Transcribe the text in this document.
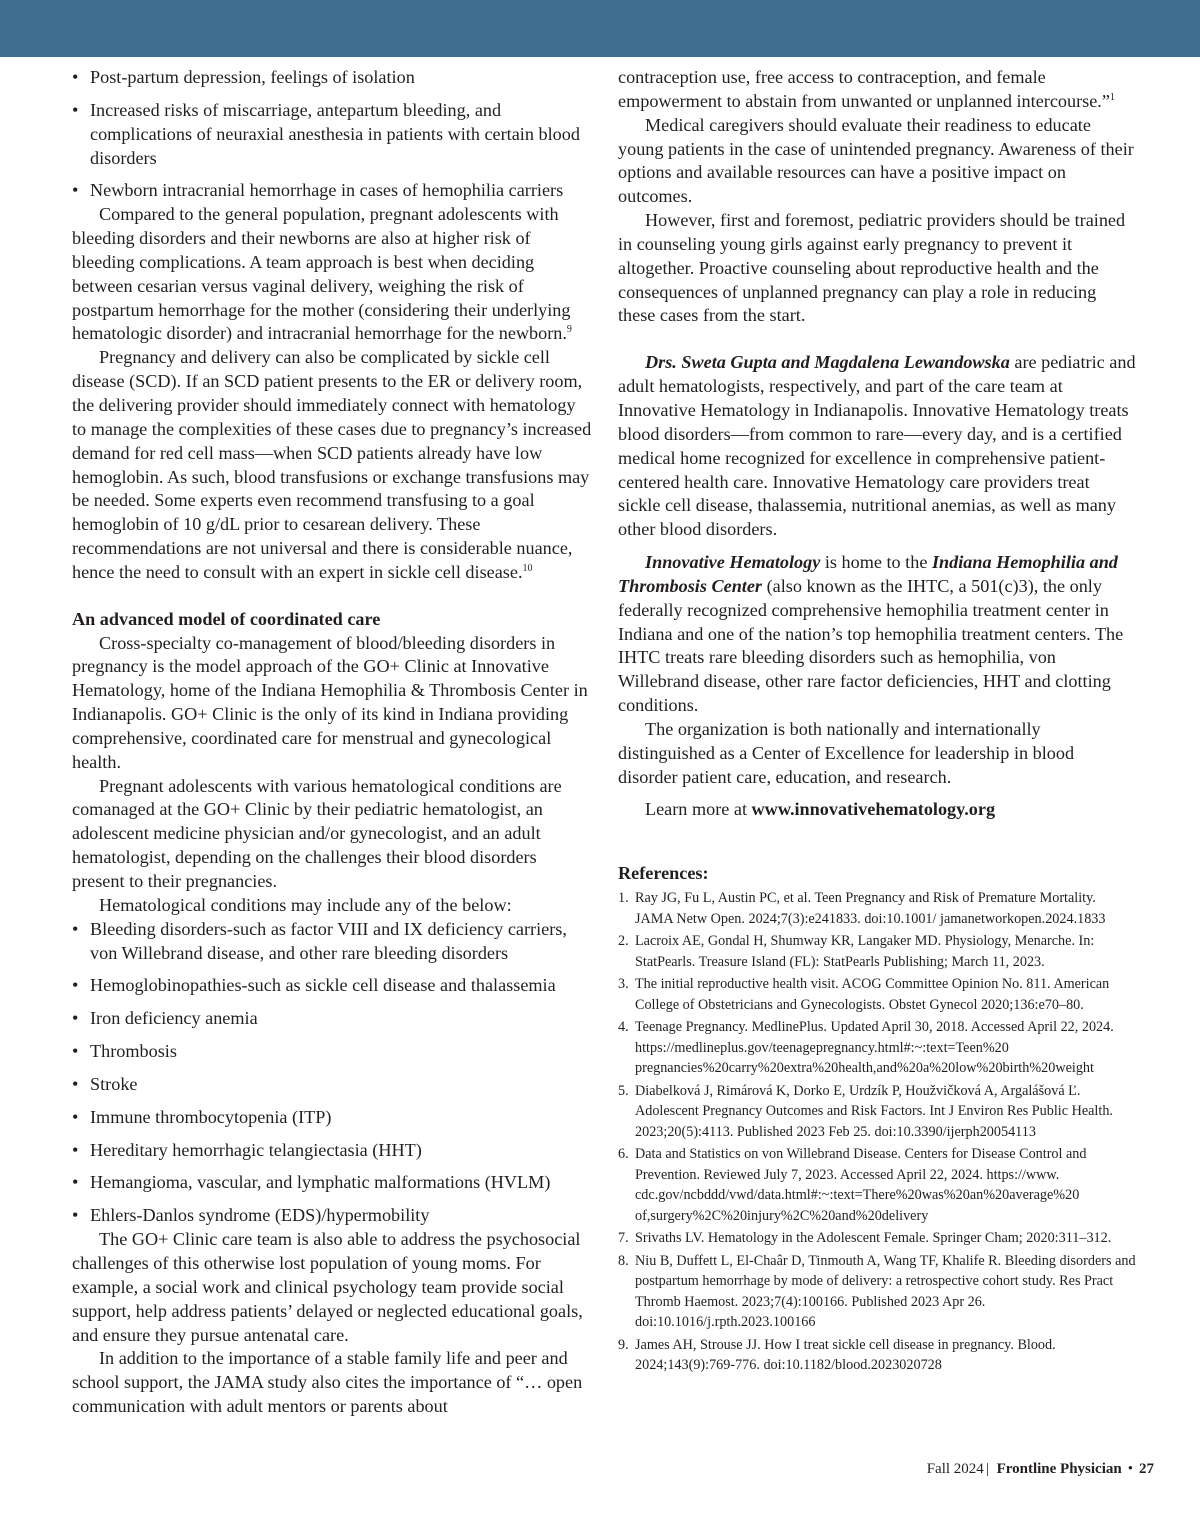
• Post-partum depression, feelings of isolation
• Increased risks of miscarriage, antepartum bleeding, and complications of neuraxial anesthesia in patients with certain blood disorders
• Newborn intracranial hemorrhage in cases of hemophilia carriers

Compared to the general population, pregnant adolescents with bleeding disorders and their newborns are also at higher risk of bleeding complications. A team approach is best when deciding between cesarian versus vaginal delivery, weighing the risk of postpartum hemorrhage for the mother (considering their underlying hematologic disorder) and intracranial hemorrhage for the newborn.$^9$

Pregnancy and delivery can also be complicated by sickle cell disease (SCD). If an SCD patient presents to the ER or delivery room, the delivering provider should immediately connect with hematology to manage the complexities of these cases due to pregnancy’s increased demand for red cell mass—when SCD patients already have low hemoglobin. As such, blood transfusions or exchange transfusions may be needed. Some experts even recommend transfusing to a goal hemoglobin of 10 g/dL prior to cesarean delivery. These recommendations are not universal and there is considerable nuance, hence the need to consult with an expert in sickle cell disease.$^{10}$

An advanced model of coordinated care

Cross-specialty co-management of blood/bleeding disorders in pregnancy is the model approach of the GO+ Clinic at Innovative Hematology, home of the Indiana Hemophilia & Thrombosis Center in Indianapolis. GO+ Clinic is the only of its kind in Indiana providing comprehensive, coordinated care for menstrual and gynecological health.

Pregnant adolescents with various hematological conditions are comanaged at the GO+ Clinic by their pediatric hematologist, an adolescent medicine physician and/or gynecologist, and an adult hematologist, depending on the challenges their blood disorders present to their pregnancies.

Hematological conditions may include any of the below:

• Bleeding disorders-such as factor VIII and IX deficiency carriers, von Willebrand disease, and other rare bleeding disorders
• Hemoglobinopathies-such as sickle cell disease and thalassemia
• Iron deficiency anemia
• Thrombosis
• Stroke
• Immune thrombocytopenia (ITP)
• Hereditary hemorrhagic telangiectasia (HHT)
• Hemangioma, vascular, and lymphatic malformations (HVLM)
• Ehlers-Danlos syndrome (EDS)/hypermobility

The GO+ Clinic care team is also able to address the psychosocial challenges of this otherwise lost population of young moms. For example, a social work and clinical psychology team provide social support, help address patients’ delayed or neglected educational goals, and ensure they pursue antenatal care.

In addition to the importance of a stable family life and peer and school support, the JAMA study also cites the importance of “… open communication with adult mentors or parents about

contraception use, free access to contraception, and female empowerment to abstain from unwanted or unplanned intercourse.”$^1$

Medical caregivers should evaluate their readiness to educate young patients in the case of unintended pregnancy. Awareness of their options and available resources can have a positive impact on outcomes.

However, first and foremost, pediatric providers should be trained in counseling young girls against early pregnancy to prevent it altogether. Proactive counseling about reproductive health and the consequences of unplanned pregnancy can play a role in reducing these cases from the start.

Drs. Sweta Gupta and Magdalena Lewandowska are pediatric and adult hematologists, respectively, and part of the care team at Innovative Hematology in Indianapolis. Innovative Hematology treats blood disorders—from common to rare—every day, and is a certified medical home recognized for excellence in comprehensive patient-centered health care. Innovative Hematology care providers treat sickle cell disease, thalassemia, nutritional anemias, as well as many other blood disorders.

Innovative Hematology is home to the Indiana Hemophilia and Thrombosis Center (also known as the IHTC, a 501(c)3), the only federally recognized comprehensive hemophilia treatment center in Indiana and one of the nation’s top hemophilia treatment centers. The IHTC treats rare bleeding disorders such as hemophilia, von Willebrand disease, other rare factor deficiencies, HHT and clotting conditions.

The organization is both nationally and internationally distinguished as a Center of Excellence for leadership in blood disorder patient care, education, and research.

Learn more at www.innovativehematology.org

References:

1. Ray JG, Fu L, Austin PC, et al. Teen Pregnancy and Risk of Premature Mortality. JAMA Netw Open. 2024;7(3):e241833. doi:10.1001/ jamanetworkopen.2024.1833
2. Lacroix AE, Gondal H, Shumway KR, Langaker MD. Physiology, Menarche. In: StatPearls. Treasure Island (FL): StatPearls Publishing; March 11, 2023.
3. The initial reproductive health visit. ACOG Committee Opinion No. 811. American College of Obstetricians and Gynecologists. Obstet Gynecol 2020;136:e70–80.
4. Teenage Pregnancy. MedlinePlus. Updated April 30, 2018. Accessed April 22, 2024. https://medlineplus.gov/teenagepregnancy.html#:~:text=Teen%20 pregnancies%20carry%20extra%20health,and%20a%20low%20birth%20weight
5. Diabelková J, Rimárová K, Dorko E, Urdzík P, Houžvičková A, Argalášová Ľ. Adolescent Pregnancy Outcomes and Risk Factors. Int J Environ Res Public Health. 2023;20(5):4113. Published 2023 Feb 25. doi:10.3390/ijerph20054113
6. Data and Statistics on von Willebrand Disease. Centers for Disease Control and Prevention. Reviewed July 7, 2023. Accessed April 22, 2024. https://www. cdc.gov/ncbddd/vwd/data.html#:~:text=There%20was%20an%20average%20 of,surgery%2C%20injury%2C%20and%20delivery
7. Srivaths LV. Hematology in the Adolescent Female. Springer Cham; 2020:311–312.
8. Niu B, Duffett L, El-Chaâr D, Tinmouth A, Wang TF, Khalife R. Bleeding disorders and postpartum hemorrhage by mode of delivery: a retrospective cohort study. Res Pract Thromb Haemost. 2023;7(4):100166. Published 2023 Apr 26. doi:10.1016/j.rpth.2023.100166
9. James AH, Strouse JJ. How I treat sickle cell disease in pregnancy. Blood. 2024;143(9):769-776. doi:10.1182/blood.2023020728
Fall 2024 | Frontline Physician • 27
